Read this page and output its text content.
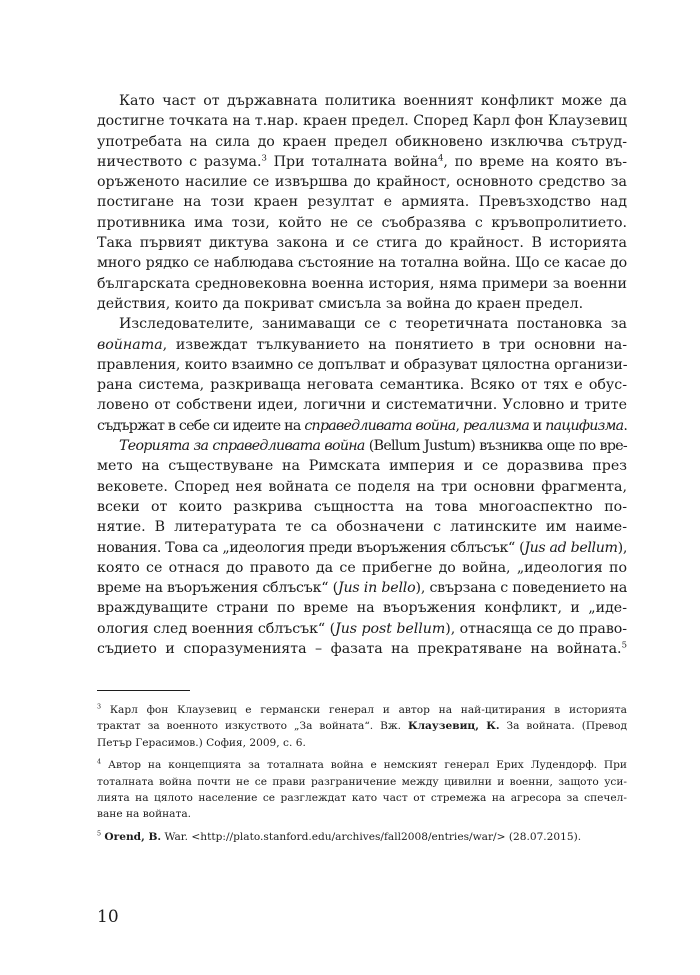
Като част от държавната политика военният конфликт може да
достигне точката на т.нар. краен предел. Според Карл фон Клаузевиц
употребата на сила до краен предел обикновено изключва сътруд-
ничеството с разума.$^3$ При тоталната война$^4$, по време на която въ-
оръженото насилие се извършва до крайност, основното средство за
постигане на този краен резултат е армията. Превъзходство над
противника има този, който не се съобразява с кръвопролитието.
Така първият диктува закона и се стига до крайност. В историята
много рядко се наблюдава състояние на тотална война. Що се касае до
българската средновековна военна история, няма примери за военни
действия, които да покриват смисъла за война до краен предел.
Изследователите, занимаващи се с теоретичната постановка за
войната, извеждат тълкуванието на понятието в три основни на-
правления, които взаимно се допълват и образуват цялостна организи-
рана система, разкриваща неговата семантика. Всяко от тях е обус-
ловено от собствени идеи, логични и систематични. Условно и трите
съдържат в себе си идеите на справедливата война, реализма и пацифизма.
Теорията за справедливата война (Bellum Justum) възниква още по вре-
мето на съществуване на Римската империя и се доразвива през
вековете. Според нея войната се поделя на три основни фрагмента,
всеки от които разкрива същността на това многоаспектно по-
нятие. В литературата те са обозначени с латинските им наиме-
нования. Това са „идеология преди въоръжения сблъсък“ (Jus ad bellum),
която се отнася до правото да се прибегне до война, „идеология по
време на въоръжения сблъсък“ (Jus in bello), свързана с поведението на
враждуващите страни по време на въоръжения конфликт, и „иде-
ология след военния сблъсък“ (Jus post bellum), отнасяща се до право-
съдието и споразуменията – фазата на прекратяване на войната.$^5$
$^3$ Карл фон Клаузевиц е германски генерал и автор на най-цитирания в историята
трактат за военното изкуството „За войната“. Вж. Клаузевиц, К. За войната. (Превод
Петър Герасимов.) София, 2009, с. 6.
$^4$ Автор на концепцията за тоталната война е немският генерал Ерих Лудендорф. При
тоталната война почти не се прави разграничение между цивилни и военни, защото уси-
лията на цялото население се разглеждат като част от стремежа на агресора за спечел-
ване на войната.
$^5$ Orend, B. War. <http://plato.stanford.edu/archives/fall2008/entries/war/> (28.07.2015).
10
